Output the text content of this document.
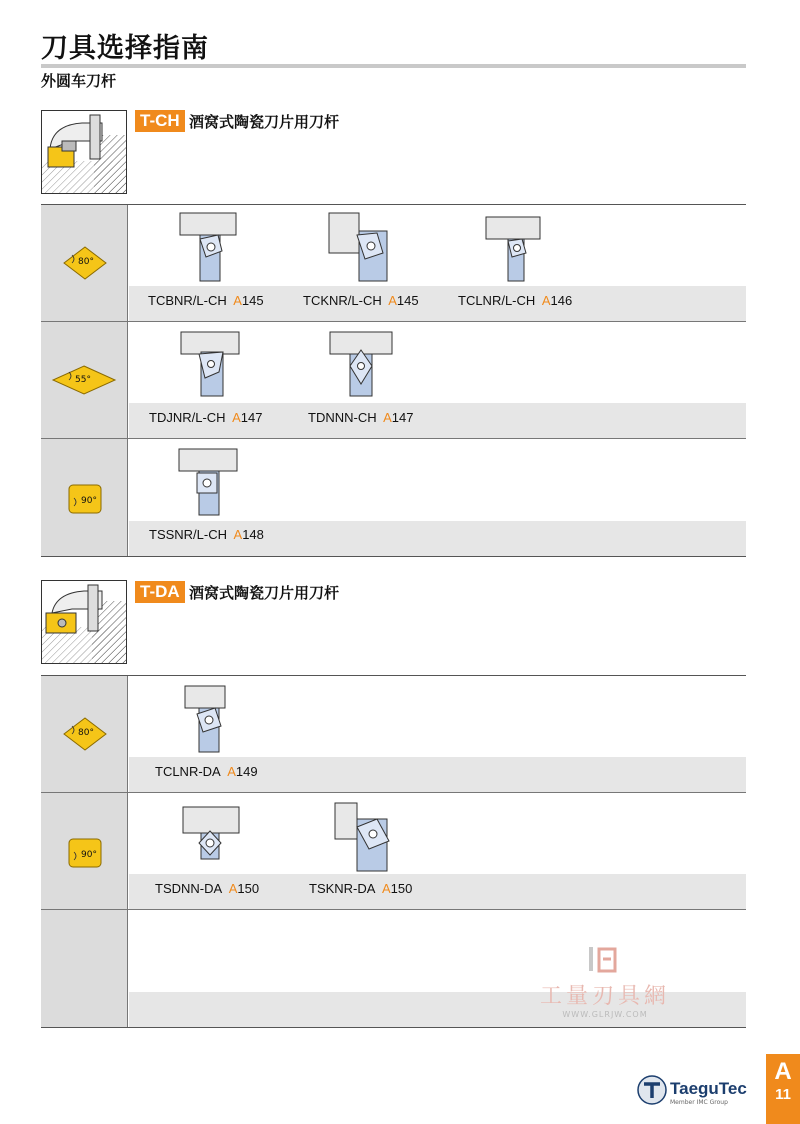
刀具选择指南
外圆车刀杆
T-CH 酒窝式陶瓷刀片用刀杆
80°
TCBNR/L-CH A145	TCKNR/L-CH A145	TCLNR/L-CH A146
55°
TDJNR/L-CH A147	TDNNN-CH A147
90°
TSSNR/L-CH A148
T-DA 酒窝式陶瓷刀片用刀杆
80°
TCLNR-DA A149
90°
TSDNN-DA A150	TSKNR-DA A150
工量刃具網
WWW.GLRJW.COM
TaeguTec
Member IMC Group
A
11
